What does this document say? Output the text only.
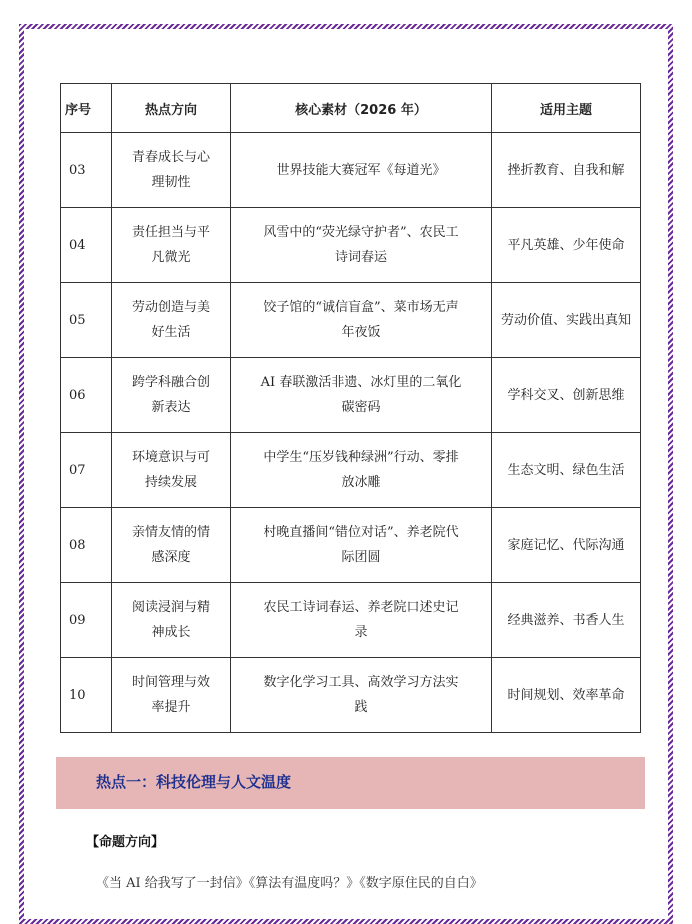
序号	热点方向	核心素材（2026 年）	适用主题
03	青春成长与心理韧性	世界技能大赛冠军《每道光》	挫折教育、自我和解
04	责任担当与平凡微光	风雪中的“荧光绿守护者”、农民工诗词春运	平凡英雄、少年使命
05	劳动创造与美好生活	饺子馆的“诚信盲盒”、菜市场无声年夜饭	劳动价值、实践出真知
06	跨学科融合创新表达	AI 春联激活非遗、冰灯里的二氧化碳密码	学科交叉、创新思维
07	环境意识与可持续发展	中学生“压岁钱种绿洲”行动、零排放冰雕	生态文明、绿色生活
08	亲情友情的情感深度	村晚直播间“错位对话”、养老院代际团圆	家庭记忆、代际沟通
09	阅读浸润与精神成长	农民工诗词春运、养老院口述史记录	经典滋养、书香人生
10	时间管理与效率提升	数字化学习工具、高效学习方法实践	时间规划、效率革命
热点一：科技伦理与人文温度
【命题方向】
《当 AI 给我写了一封信》《算法有温度吗？》《数字原住民的自白》
